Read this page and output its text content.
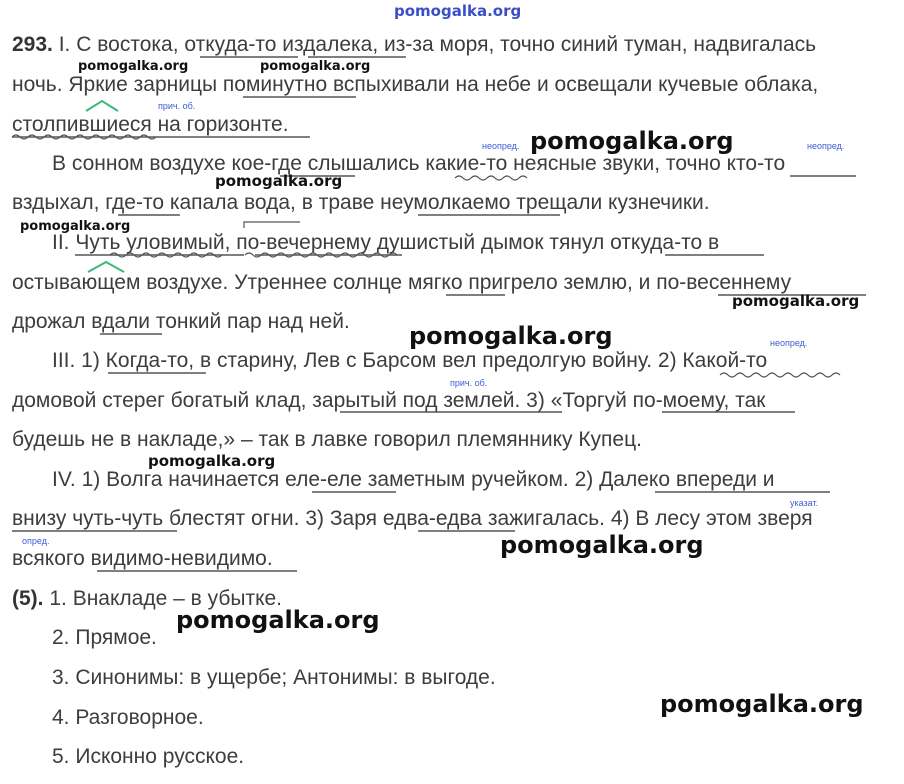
pomogalka.org
293. I. С востока, откуда-то издалека, из-за моря, точно синий туман, надвигалась
ночь. Яркие зарницы поминутно вспыхивали на небе и освещали кучевые облака,
столпившиеся на горизонте.
В сонном воздухе кое-где слышались какие-то неясные звуки, точно кто-то
вздыхал, где-то капала вода, в траве неумолкаемо трещали кузнечики.
II. Чуть уловимый, по-вечернему душистый дымок тянул откуда-то в
остывающем воздухе. Утреннее солнце мягко пригрело землю, и по-весеннему
дрожал вдали тонкий пар над ней.
III. 1) Когда-то, в старину, Лев с Барсом вел предолгую войну. 2) Какой-то
домовой стерег богатый клад, зарытый под землей. 3) «Торгуй по-моему, так
будешь не в накладе,» – так в лавке говорил племяннику Купец.
IV. 1) Волга начинается еле-еле заметным ручейком. 2) Далеко впереди и
внизу чуть-чуть блестят огни. 3) Заря едва-едва зажигалась. 4) В лесу этом зверя
всякого видимо-невидимо.
прич. об.
неопред.	неопред.
неопред.
прич. об.
указат.
опред.
(5). 1. Внакладе – в убытке.
2. Прямое.
3. Синонимы: в ущербе; Антонимы: в выгоде.
4. Разговорное.
5. Исконно русское.
pomogalka.org	pomogalka.org
pomogalka.org
pomogalka.org
pomogalka.org
pomogalka.org
pomogalka.org
pomogalka.org
pomogalka.org
pomogalka.org
pomogalka.org
